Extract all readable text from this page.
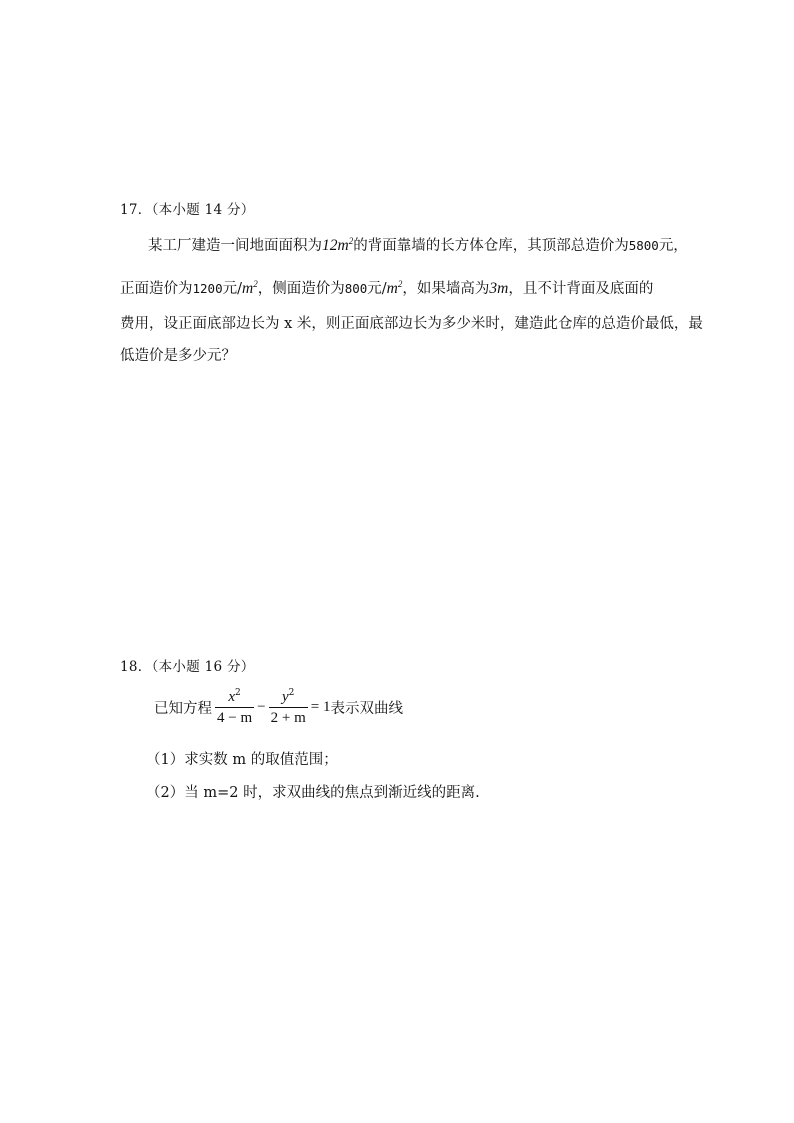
17．（本小题 14 分）
某工厂建造一间地面面积为$12m^2$的背面靠墙的长方体仓库，其顶部总造价为5800元，
正面造价为1200元$/m^2$，侧面造价为800元$/m^2$，如果墙高为3m，且不计背面及底面的
费用，设正面底部边长为 x 米，则正面底部边长为多少米时，建造此仓库的总造价最低，最
低造价是多少元？
18．（本小题 16 分）
已知方程 $\frac{x^2}{4 - m} - \frac{y^2}{2 + m} = 1$表示双曲线
（1）求实数 m 的取值范围；
（2）当 m=2 时，求双曲线的焦点到渐近线的距离.
